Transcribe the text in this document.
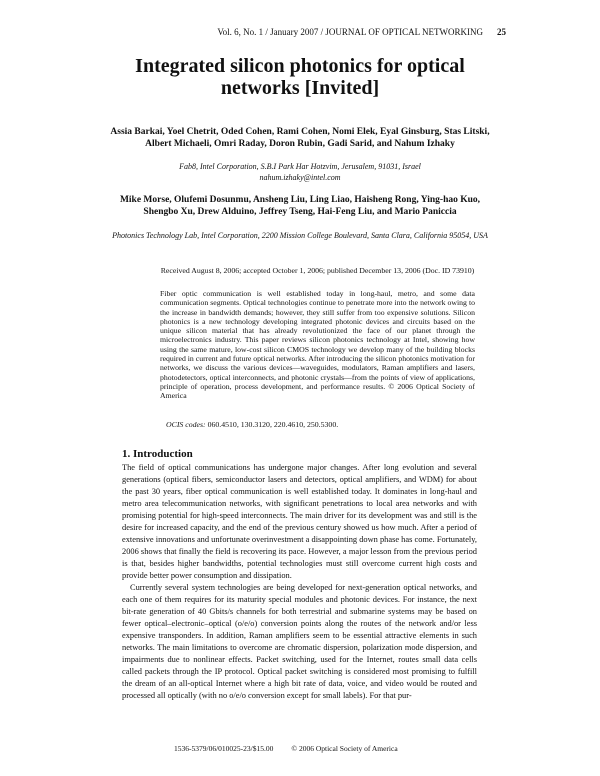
Vol. 6, No. 1 / January 2007 / JOURNAL OF OPTICAL NETWORKING 25
Integrated silicon photonics for optical networks [Invited]
Assia Barkai, Yoel Chetrit, Oded Cohen, Rami Cohen, Nomi Elek, Eyal Ginsburg, Stas Litski, Albert Michaeli, Omri Raday, Doron Rubin, Gadi Sarid, and Nahum Izhaky
Fab8, Intel Corporation, S.B.I Park Har Hotzvim, Jerusalem, 91031, Israel
nahum.izhaky@intel.com
Mike Morse, Olufemi Dosunmu, Ansheng Liu, Ling Liao, Haisheng Rong, Ying-hao Kuo, Shengbo Xu, Drew Alduino, Jeffrey Tseng, Hai-Feng Liu, and Mario Paniccia
Photonics Technology Lab, Intel Corporation, 2200 Mission College Boulevard, Santa Clara, California 95054, USA
Received August 8, 2006; accepted October 1, 2006; published December 13, 2006 (Doc. ID 73910)
Fiber optic communication is well established today in long-haul, metro, and some data communication segments. Optical technologies continue to penetrate more into the network owing to the increase in bandwidth demands; however, they still suffer from too expensive solutions. Silicon photonics is a new technology developing integrated photonic devices and circuits based on the unique silicon material that has already revolutionized the face of our planet through the microelectronics industry. This paper reviews silicon photonics technology at Intel, showing how using the same mature, low-cost silicon CMOS technology we develop many of the building blocks required in current and future optical networks. After introducing the silicon photonics motivation for networks, we discuss the various devices—waveguides, modulators, Raman amplifiers and lasers, photodetectors, optical interconnects, and photonic crystals—from the points of view of applications, principle of operation, process development, and performance results. © 2006 Optical Society of America
OCIS codes: 060.4510, 130.3120, 220.4610, 250.5300.
1. Introduction

The field of optical communications has undergone major changes. After long evolution and several generations (optical fibers, semiconductor lasers and detectors, optical amplifiers, and WDM) for about the past 30 years, fiber optical communication is well established today. It dominates in long-haul and metro area telecommunication networks, with significant penetrations to local area networks and with promising potential for high-speed interconnects. The main driver for its development was and still is the desire for increased capacity, and the end of the previous century showed us how much. After a period of extensive innovations and unfortunate overinvestment a disappointing down phase has come. Fortunately, 2006 shows that finally the field is recovering its pace. However, a major lesson from the previous period is that, besides higher bandwidths, potential technologies must still overcome current high costs and provide better power consumption and dissipation.

Currently several system technologies are being developed for next-generation optical networks, and each one of them requires for its maturity special modules and photonic devices. For instance, the next bit-rate generation of 40 Gbits/s channels for both terrestrial and submarine systems may be based on fewer optical–electronic–optical (o/e/o) conversion points along the routes of the network and/or less expensive transponders. In addition, Raman amplifiers seem to be essential attractive elements in such networks. The main limitations to overcome are chromatic dispersion, polarization mode dispersion, and impairments due to nonlinear effects. Packet switching, used for the Internet, routes small data cells called packets through the IP protocol. Optical packet switching is considered most promising to fulfill the dream of an all-optical Internet where a high bit rate of data, voice, and video would be routed and processed all optically (with no o/e/o conversion except for small labels). For that pur-

1536-5379/06/010025-23/$15.00 © 2006 Optical Society of America
